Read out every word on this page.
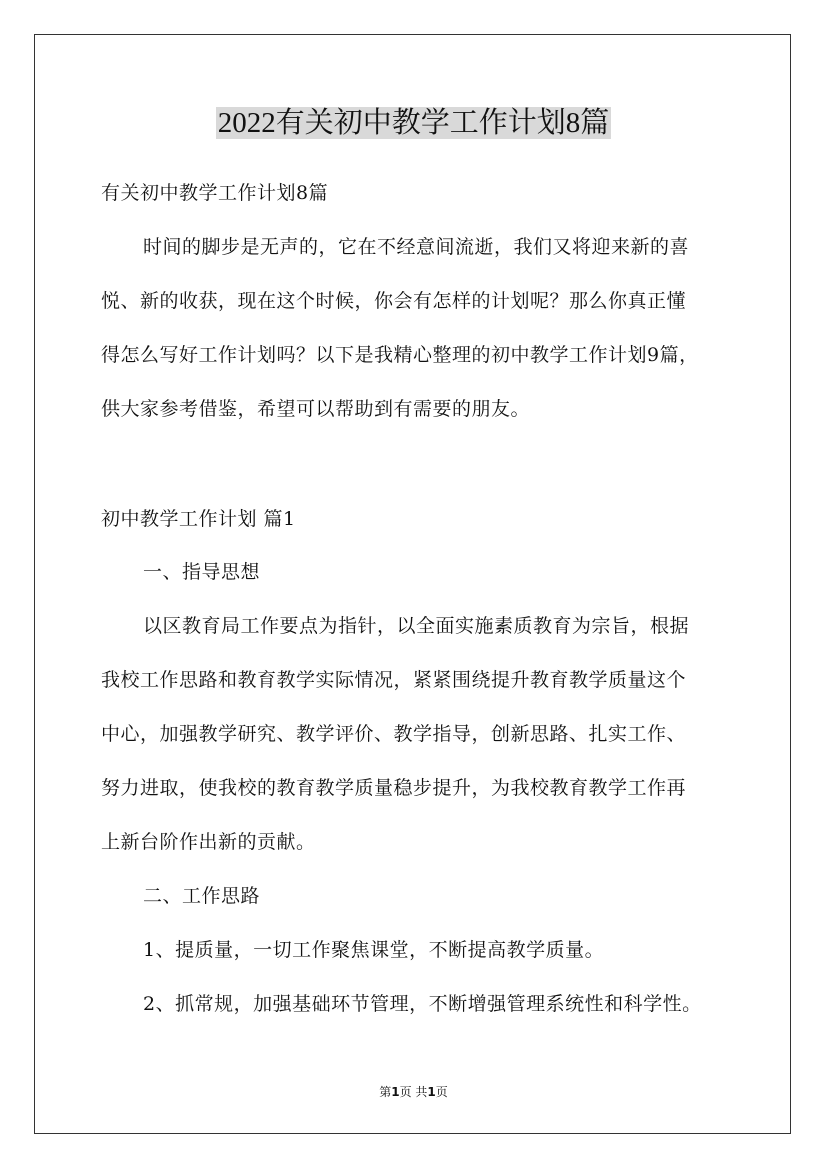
2022有关初中教学工作计划8篇
有关初中教学工作计划8篇
时间的脚步是无声的，它在不经意间流逝，我们又将迎来新的喜
悦、新的收获，现在这个时候，你会有怎样的计划呢？那么你真正懂
得怎么写好工作计划吗？以下是我精心整理的初中教学工作计划9篇，
供大家参考借鉴，希望可以帮助到有需要的朋友。
初中教学工作计划 篇1
一、指导思想
以区教育局工作要点为指针，以全面实施素质教育为宗旨，根据
我校工作思路和教育教学实际情况，紧紧围绕提升教育教学质量这个
中心，加强教学研究、教学评价、教学指导，创新思路、扎实工作、
努力进取，使我校的教育教学质量稳步提升，为我校教育教学工作再
上新台阶作出新的贡献。
二、工作思路
1、提质量，一切工作聚焦课堂，不断提高教学质量。
2、抓常规，加强基础环节管理，不断增强管理系统性和科学性。
第1页 共1页
